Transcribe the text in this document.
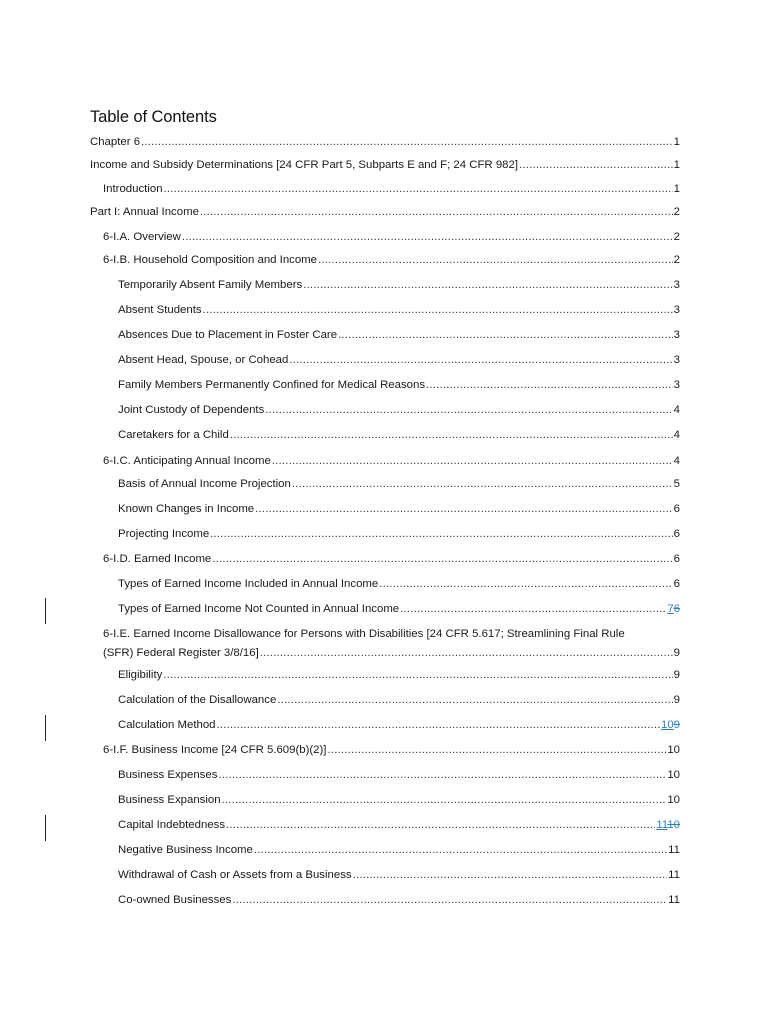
Table of Contents
Chapter 6 .....	1
Income and Subsidy Determinations [24 CFR Part 5, Subparts E and F; 24 CFR 982] .....	1
Introduction .....	1
Part I: Annual Income .....	2
6-I.A. Overview .....	2
6-I.B. Household Composition and Income .....	2
Temporarily Absent Family Members .....	3
Absent Students .....	3
Absences Due to Placement in Foster Care .....	3
Absent Head, Spouse, or Cohead .....	3
Family Members Permanently Confined for Medical Reasons .....	3
Joint Custody of Dependents .....	4
Caretakers for a Child .....	4
6-I.C. Anticipating Annual Income .....	4
Basis of Annual Income Projection .....	5
Known Changes in Income .....	6
Projecting Income .....	6
6-I.D. Earned Income .....	6
Types of Earned Income Included in Annual Income .....	6
Types of Earned Income Not Counted in Annual Income .....	76
6-I.E. Earned Income Disallowance for Persons with Disabilities [24 CFR 5.617; Streamlining Final Rule
(SFR) Federal Register 3/8/16] .....	9
Eligibility .....	9
Calculation of the Disallowance .....	9
Calculation Method .....	109
6-I.F. Business Income [24 CFR 5.609(b)(2)] .....	10
Business Expenses .....	10
Business Expansion .....	10
Capital Indebtedness .....	1110
Negative Business Income .....	11
Withdrawal of Cash or Assets from a Business .....	11
Co-owned Businesses .....	11
